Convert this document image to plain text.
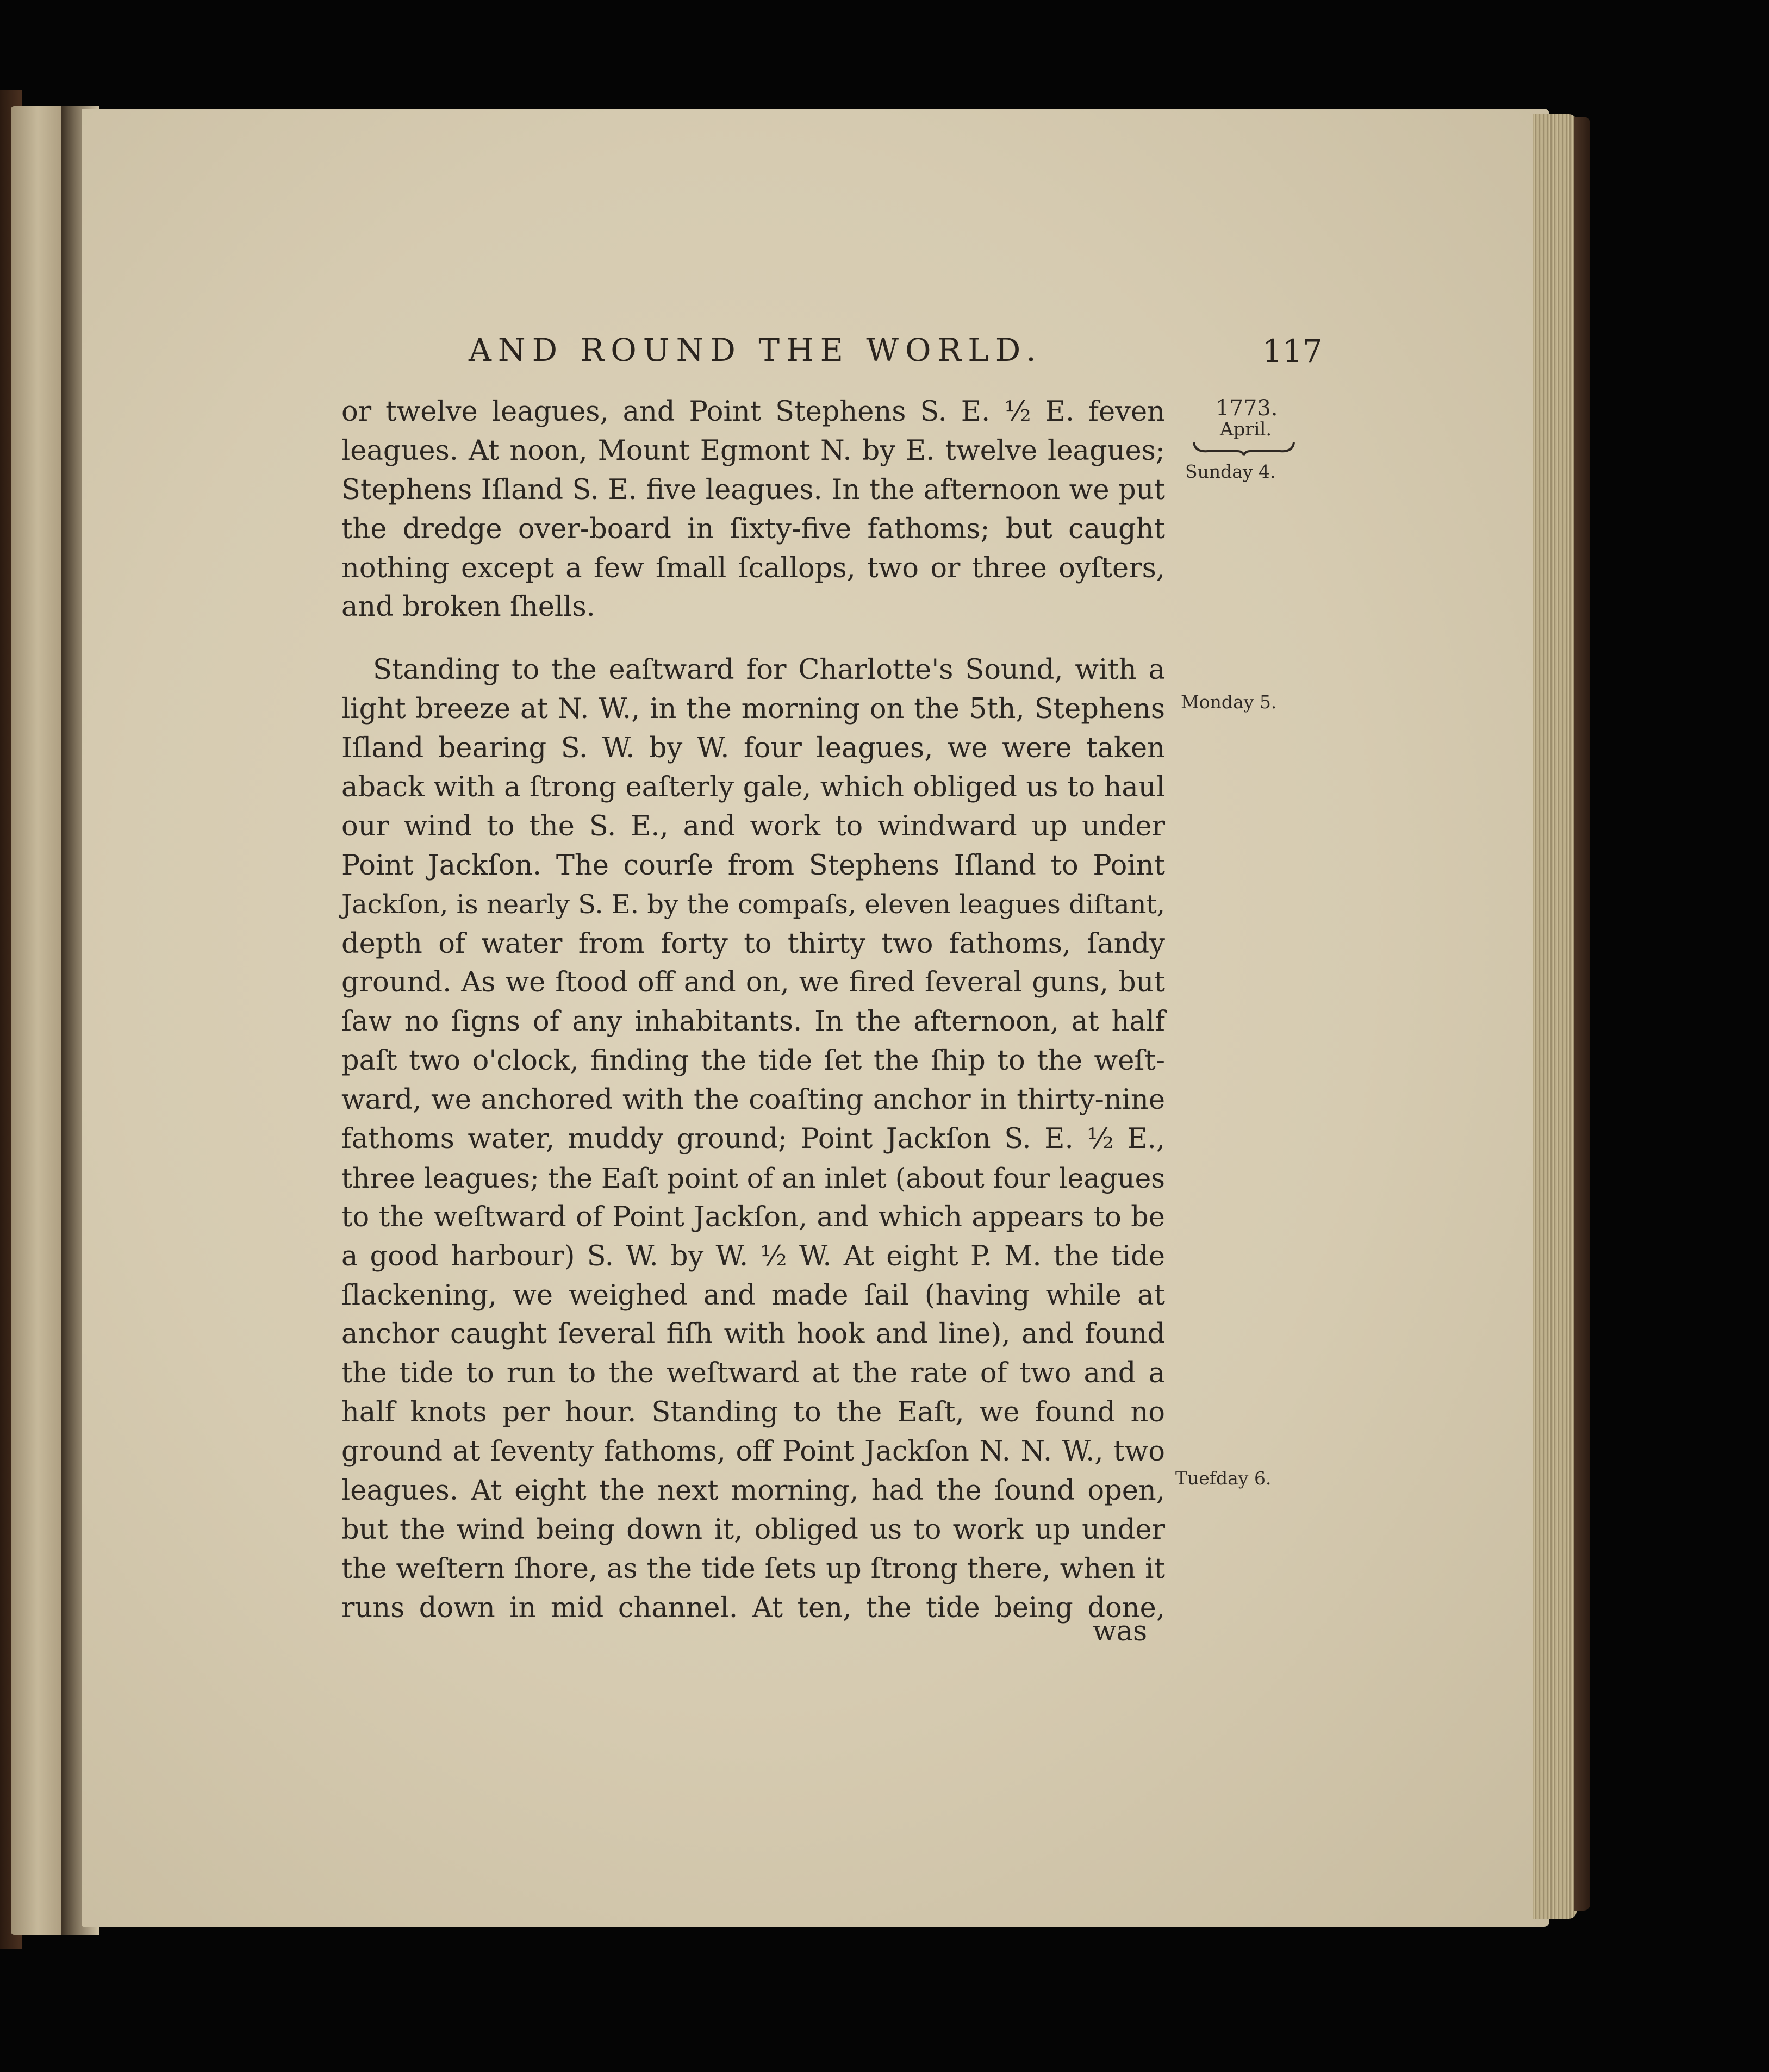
AND ROUND THE WORLD.	117
1773.
April.
Sunday 4.
Monday 5.
Tuefday 6.
or twelve leagues, and Point Stephens S. E. ½ E. feven
leagues. At noon, Mount Egmont N. by E. twelve leagues;
Stephens Iſland S. E. five leagues. In the afternoon we put
the dredge over-board in ſixty-five fathoms; but caught
nothing except a few ſmall ſcallops, two or three oyſters,
and broken ſhells.
Standing to the eaſtward for Charlotte's Sound, with a
light breeze at N. W., in the morning on the 5th, Stephens
Iſland bearing S. W. by W. four leagues, we were taken
aback with a ſtrong eaſterly gale, which obliged us to haul
our wind to the S. E., and work to windward up under
Point Jackſon. The courſe from Stephens Iſland to Point
Jackſon, is nearly S. E. by the compaſs, eleven leagues diſtant,
depth of water from forty to thirty two fathoms, ſandy
ground. As we ſtood off and on, we fired ſeveral guns, but
ſaw no ſigns of any inhabitants. In the afternoon, at half
paſt two o'clock, finding the tide ſet the ſhip to the weſt-
ward, we anchored with the coaſting anchor in thirty-nine
fathoms water, muddy ground; Point Jackſon S. E. ½ E.,
three leagues; the Eaſt point of an inlet (about four leagues
to the weſtward of Point Jackſon, and which appears to be
a good harbour) S. W. by W. ½ W. At eight P. M. the tide
ſlackening, we weighed and made ſail (having while at
anchor caught ſeveral fiſh with hook and line), and found
the tide to run to the weſtward at the rate of two and a
half knots per hour. Standing to the Eaſt, we found no
ground at ſeventy fathoms, off Point Jackſon N. N. W., two
leagues. At eight the next morning, had the ſound open,
but the wind being down it, obliged us to work up under
the weſtern ſhore, as the tide ſets up ſtrong there, when it
runs down in mid channel. At ten, the tide being done,
was
